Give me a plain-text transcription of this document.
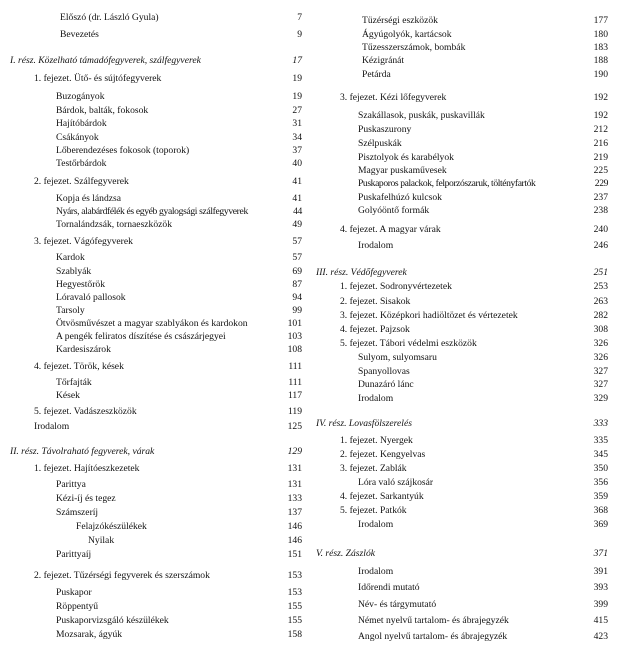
Előszó (dr. László Gyula)	7
Bevezetés	9
I. rész. Közelható támadófegyverek, szálfegyverek	17
1. fejezet. Ütő- és sújtófegyverek	19
Buzogányok	19
Bárdok, balták, fokosok	27
Hajítóbárdok	31
Csákányok	34
Lőberendezéses fokosok (toporok)	37
Testőrbárdok	40
2. fejezet. Szálfegyverek	41
Kopja és lándzsa	41
Nyárs, alabárdfélék és egyéb gyalogsági szálfegyverek	44
Tornalándzsák, tornaeszközök	49
3. fejezet. Vágófegyverek	57
Kardok	57
Szablyák	69
Hegyestőrök	87
Lóravaló pallosok	94
Tarsoly	99
Ötvösművészet a magyar szablyákon és kardokon	101
A pengék feliratos díszítése és császárjegyei	103
Kardesiszárok	108
4. fejezet. Török, kések	111
Tőrfajták	111
Kések	117
5. fejezet. Vadászeszközök	119
Irodalom	125
II. rész. Távolraható fegyverek, várak	129
1. fejezet. Hajítóeszkezetek	131
Parittya	131
Kézi-íj és tegez	133
Számszeríj	137
Felajzókészülékek	146
Nyilak	146
Parittyaíj	151
2. fejezet. Tűzérségi fegyverek és szerszámok	153
Puskapor	153
Röppentyű	155
Puskaporvizsgáló készülékek	155
Mozsarak, ágyúk	158
Tüzérségi eszközök	177
Ágyúgolyók, kartácsok	180
Tűzesszerszámok, bombák	183
Kézigránát	188
Petárda	190
3. fejezet. Kézi lőfegyverek	192
Szakállasok, puskák, puskavillák	192
Puskaszurony	212
Szélpuskák	216
Pisztolyok és karabélyok	219
Magyar puskaművesek	225
Puskaporos palackok, felporzószaruk, töltényfartók	229
Puskafelhúzó kulcsok	237
Golyóöntő formák	238
4. fejezet. A magyar várak	240
Irodalom	246
III. rész. Védőfegyverek	251
1. fejezet. Sodronyvértezetek	253
2. fejezet. Sisakok	263
3. fejezet. Középkori hadiöltözet és vértezetek	282
4. fejezet. Pajzsok	308
5. fejezet. Tábori védelmi eszközök	326
Sulyom, sulyomsaru	326
Spanyollovas	327
Dunazáró lánc	327
Irodalom	329
IV. rész. Lovasfölszerelés	333
1. fejezet. Nyergek	335
2. fejezet. Kengyelvas	345
3. fejezet. Zablák	350
Lóra való szájkosár	356
4. fejezet. Sarkantyúk	359
5. fejezet. Patkók	368
Irodalom	369
V. rész. Zászlók	371
Irodalom	391
Időrendi mutató	393
Név- és tárgymutató	399
Német nyelvű tartalom- és ábrajegyzék	415
Angol nyelvű tartalom- és ábrajegyzék	423
